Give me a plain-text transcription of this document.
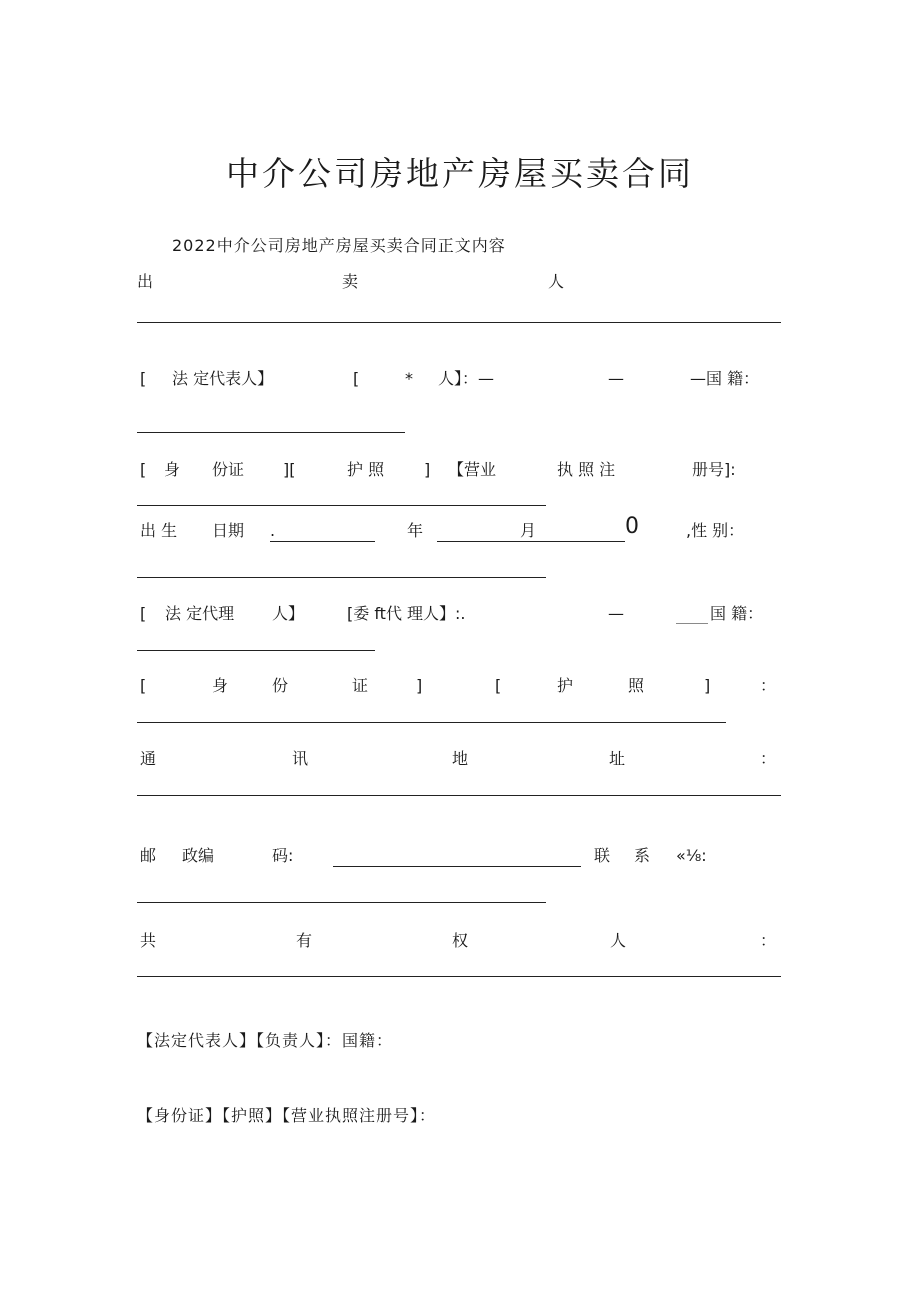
中介公司房地产房屋买卖合同
2022中介公司房地产房屋买卖合同正文内容
出	卖	人
[ 法 定代表人】	[	* 人】：—	—	—国 籍：
[ 身 份证 ][	护 照 ] 【营业	执 照 注	册号]:
出 生 日期 .	年	月	0	,性 别：
[ 法 定代理 人】	[委 ft代 理人】:.	—	国 籍：
[	身	份	证	]	[	护	照	]	：
通	讯	地	址	：
邮 政编	码:	联 系 «⅛:
共	有	权	人	：
【法定代表人】【负责人】：国籍：
【身份证】【护照】【营业执照注册号】：
